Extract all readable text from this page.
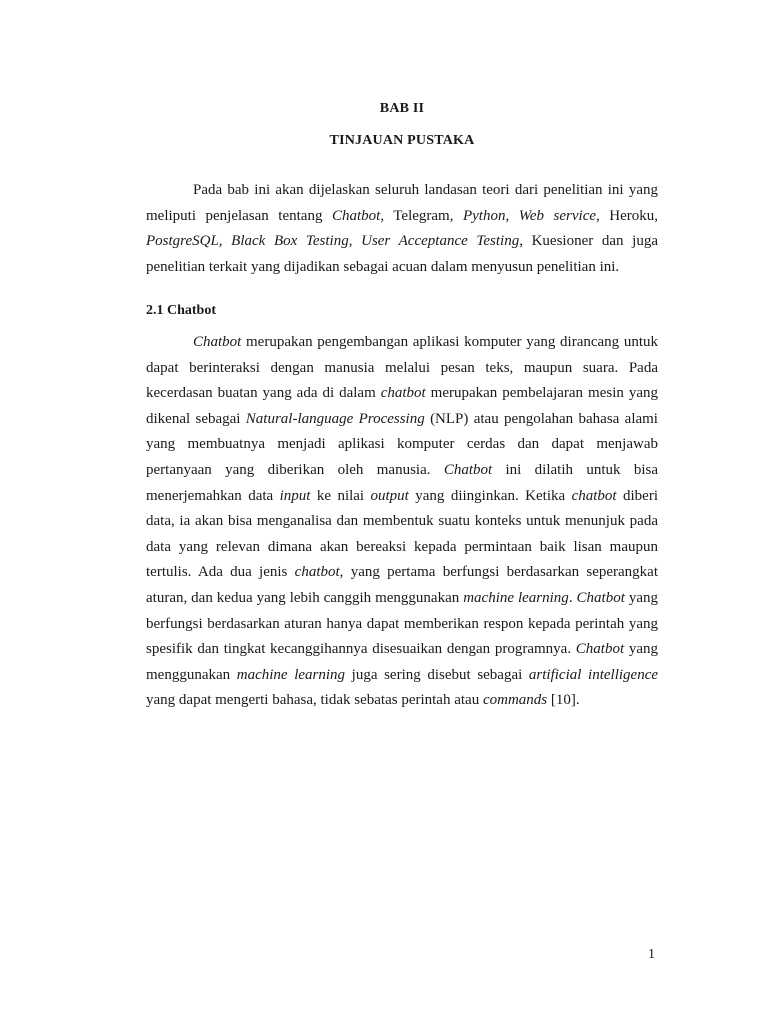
BAB II
TINJAUAN PUSTAKA

Pada bab ini akan dijelaskan seluruh landasan teori dari penelitian ini yang meliputi penjelasan tentang Chatbot, Telegram, Python, Web service, Heroku, PostgreSQL, Black Box Testing, User Acceptance Testing, Kuesioner dan juga penelitian terkait yang dijadikan sebagai acuan dalam menyusun penelitian ini.

2.1 Chatbot

Chatbot merupakan pengembangan aplikasi komputer yang dirancang untuk dapat berinteraksi dengan manusia melalui pesan teks, maupun suara. Pada kecerdasan buatan yang ada di dalam chatbot merupakan pembelajaran mesin yang dikenal sebagai Natural-language Processing (NLP) atau pengolahan bahasa alami yang membuatnya menjadi aplikasi komputer cerdas dan dapat menjawab pertanyaan yang diberikan oleh manusia. Chatbot ini dilatih untuk bisa menerjemahkan data input ke nilai output yang diinginkan. Ketika chatbot diberi data, ia akan bisa menganalisa dan membentuk suatu konteks untuk menunjuk pada data yang relevan dimana akan bereaksi kepada permintaan baik lisan maupun tertulis. Ada dua jenis chatbot, yang pertama berfungsi berdasarkan seperangkat aturan, dan kedua yang lebih canggih menggunakan machine learning. Chatbot yang berfungsi berdasarkan aturan hanya dapat memberikan respon kepada perintah yang spesifik dan tingkat kecanggihannya disesuaikan dengan programnya. Chatbot yang menggunakan machine learning juga sering disebut sebagai artificial intelligence yang dapat mengerti bahasa, tidak sebatas perintah atau commands [10].

1
